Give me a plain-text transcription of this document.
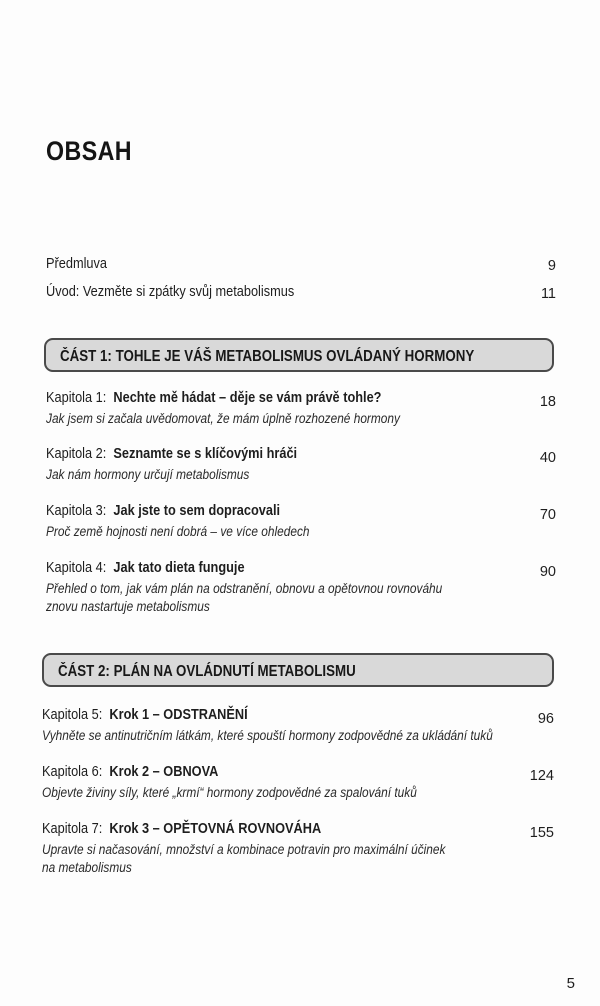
OBSAH
Předmluva	9
Úvod: Vezměte si zpátky svůj metabolismus	11
ČÁST 1: TOHLE JE VÁŠ METABOLISMUS OVLÁDANÝ HORMONY
Kapitola 1: Nechte mě hádat – děje se vám právě tohle?	18
Jak jsem si začala uvědomovat, že mám úplně rozhozené hormony
Kapitola 2: Seznamte se s klíčovými hráči	40
Jak nám hormony určují metabolismus
Kapitola 3: Jak jste to sem dopracovali	70
Proč země hojnosti není dobrá – ve více ohledech
Kapitola 4: Jak tato dieta funguje	90
Přehled o tom, jak vám plán na odstranění, obnovu a opětovnou rovnováhu
znovu nastartuje metabolismus
ČÁST 2: PLÁN NA OVLÁDNUTÍ METABOLISMU
Kapitola 5: Krok 1 – ODSTRANĚNÍ	96
Vyhněte se antinutričním látkám, které spouští hormony zodpovědné za ukládání tuků
Kapitola 6: Krok 2 – OBNOVA	124
Objevte živiny síly, které „krmí“ hormony zodpovědné za spalování tuků
Kapitola 7: Krok 3 – OPĚTOVNÁ ROVNOVÁHA	155
Upravte si načasování, množství a kombinace potravin pro maximální účinek
na metabolismus
5
